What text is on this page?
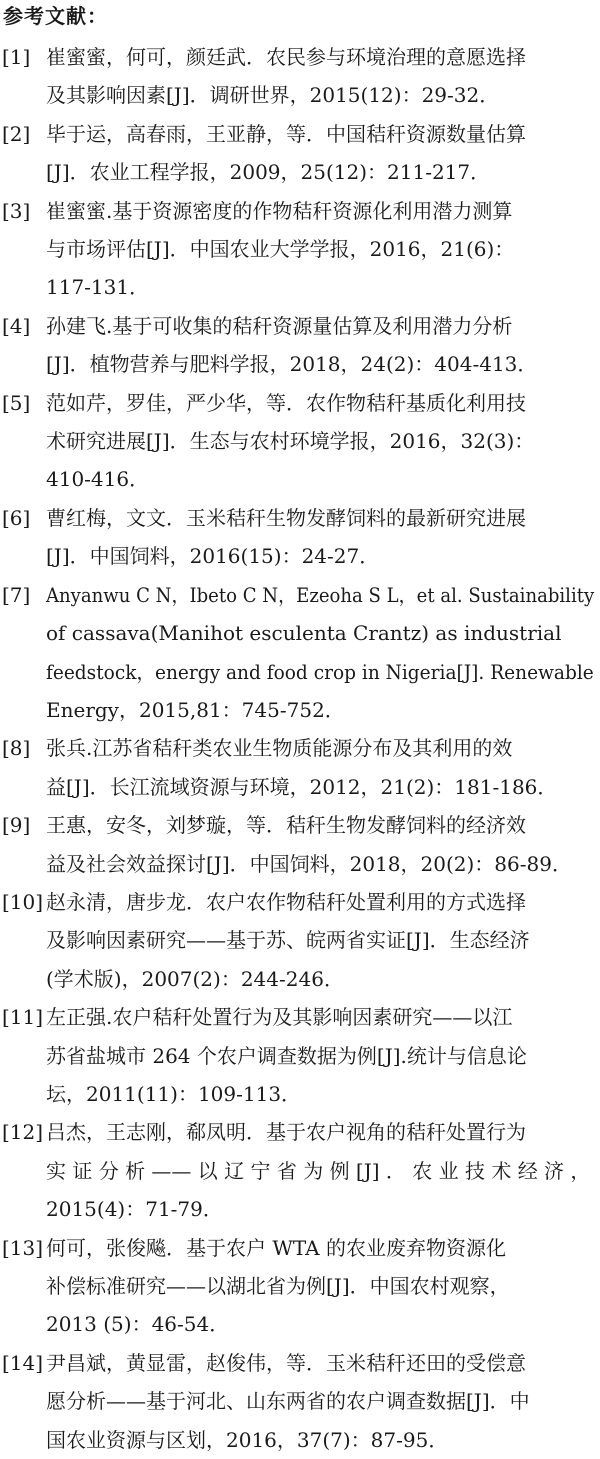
参考文献：
[1] 崔蜜蜜，何可，颜廷武．农民参与环境治理的意愿选择
及其影响因素[J]．调研世界，2015(12)：29-32．
[2] 毕于运，高春雨，王亚静，等．中国秸秆资源数量估算
[J]．农业工程学报，2009，25(12)：211-217．
[3] 崔蜜蜜.基于资源密度的作物秸秆资源化利用潜力测算
与市场评估[J]．中国农业大学学报，2016，21(6)：
117-131．
[4] 孙建飞.基于可收集的秸秆资源量估算及利用潜力分析
[J]．植物营养与肥料学报，2018，24(2)：404-413．
[5] 范如芹，罗佳，严少华，等．农作物秸秆基质化利用技
术研究进展[J]．生态与农村环境学报，2016，32(3)：
410-416．
[6] 曹红梅，文文．玉米秸秆生物发酵饲料的最新研究进展
[J]．中国饲料，2016(15)：24-27．
[7] Anyanwu C N，Ibeto C N，Ezeoha S L，et al. Sustainability
of cassava(Manihot esculenta Crantz) as industrial
feedstock，energy and food crop in Nigeria[J]. Renewable
Energy，2015,81：745-752．
[8] 张兵.江苏省秸秆类农业生物质能源分布及其利用的效
益[J]．长江流域资源与环境，2012，21(2)：181-186．
[9] 王惠，安冬，刘梦璇，等．秸秆生物发酵饲料的经济效
益及社会效益探讨[J]．中国饲料，2018，20(2)：86-89．
[10] 赵永清，唐步龙．农户农作物秸秆处置利用的方式选择
及影响因素研究——基于苏、皖两省实证[J]．生态经济
(学术版)，2007(2)：244-246．
[11] 左正强.农户秸秆处置行为及其影响因素研究——以江
苏省盐城市 264 个农户调查数据为例[J].统计与信息论
坛，2011(11)：109-113．
[12] 吕杰，王志刚，郗凤明．基于农户视角的秸秆处置行为
实 证 分 析 —— 以 辽 宁 省 为 例 [J] ． 农 业 技 术 经 济 ，
2015(4)：71-79．
[13] 何可，张俊飚．基于农户 WTA 的农业废弃物资源化
补偿标准研究——以湖北省为例[J]．中国农村观察，
2013 (5)：46-54．
[14] 尹昌斌，黄显雷，赵俊伟，等．玉米秸秆还田的受偿意
愿分析——基于河北、山东两省的农户调查数据[J]．中
国农业资源与区划，2016，37(7)：87-95．
